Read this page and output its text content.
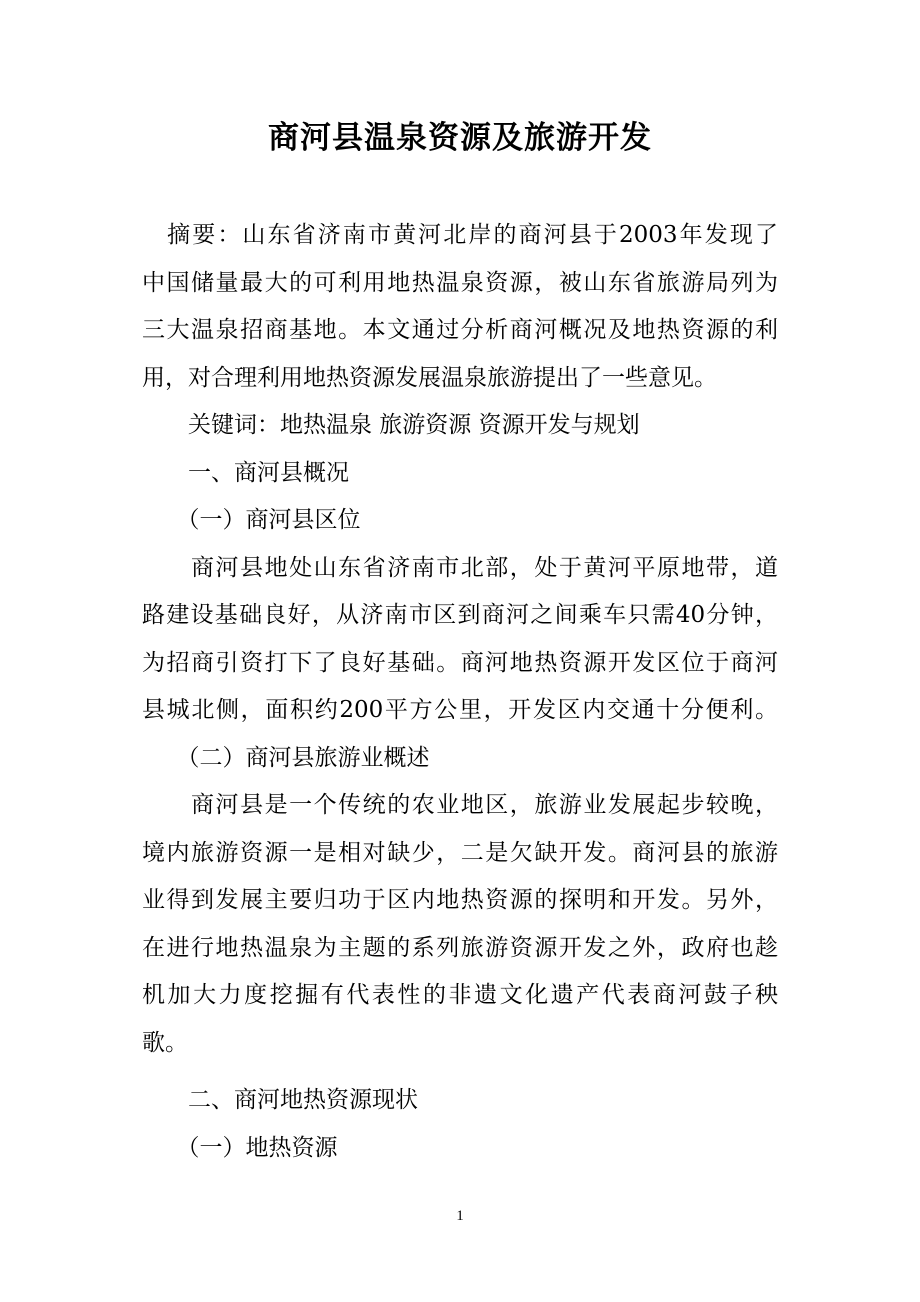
商河县温泉资源及旅游开发
　摘要：山东省济南市黄河北岸的商河县于2003年发现了
中国储量最大的可利用地热温泉资源，被山东省旅游局列为
三大温泉招商基地。本文通过分析商河概况及地热资源的利
用，对合理利用地热资源发展温泉旅游提出了一些意见。
　　关键词：地热温泉 旅游资源 资源开发与规划
　　一、商河县概况
　　（一）商河县区位
　　商河县地处山东省济南市北部，处于黄河平原地带，道
路建设基础良好，从济南市区到商河之间乘车只需40分钟，
为招商引资打下了良好基础。商河地热资源开发区位于商河
县城北侧，面积约200平方公里，开发区内交通十分便利。
　　（二）商河县旅游业概述
　　商河县是一个传统的农业地区，旅游业发展起步较晚，
境内旅游资源一是相对缺少，二是欠缺开发。商河县的旅游
业得到发展主要归功于区内地热资源的探明和开发。另外，
在进行地热温泉为主题的系列旅游资源开发之外，政府也趁
机加大力度挖掘有代表性的非遗文化遗产代表商河鼓子秧
歌。
　　二、商河地热资源现状
　　（一）地热资源
1
